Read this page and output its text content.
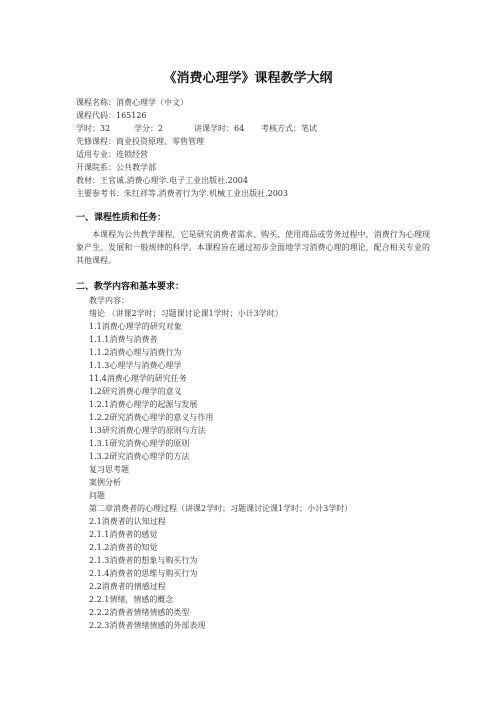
《消费心理学》课程教学大纲
课程名称：消费心理学（中文）
课程代码：165126
学时：32	学分：2	讲课学时：64 考核方式：笔试
先修课程：商业投资原理、零售管理
适用专业：连锁经营
开课院系：公共教学部
教材：王官诚.消费心理学.电子工业出版社.2004
主要参考书：朱红祥等.消费者行为学.机械工业出版社.2003
一、课程性质和任务：
本课程为公共教学课程，它是研究消费者需求、购买、使用商品或劳务过程中，消费行为心理现象产生、发展和一般规律的科学。本课程旨在通过初步全面地学习消费心理的理论，配合相关专业的其他课程。
二、教学内容和基本要求：
教学内容：
绪论 （讲课2学时；习题课讨论课1学时；小计3学时）
1.1消费心理学的研究对象
1.1.1消费与消费者
1.1.2消费心理与消费行为
1.1.3心理学与消费心理学
11.4消费心理学的研究任务
1.2研究消费心理学的意义
1.2.1消费心理学的起源与发展
1.2.2研究消费心理学的意义与作用
1.3研究消费心理学的原则与方法
1.3.1研究消费心理学的原则
1.3.2研究消费心理学的方法
复习思考题
案例分析
问题
第二章消费者的心理过程（讲课2学时；习题课讨论课1学时；小计3学时）
2.1消费者的认知过程
2.1.1消费者的感觉
2.1.2消费者的知觉
2.1.3消费者的想象与购买行为
2.1.4消费者的思维与购买行为
2.2消费者的情感过程
2.2.1情绪，情感的概念
2.2.2消费者情绪情感的类型
2.2.3消费者情绪情感的外部表现
